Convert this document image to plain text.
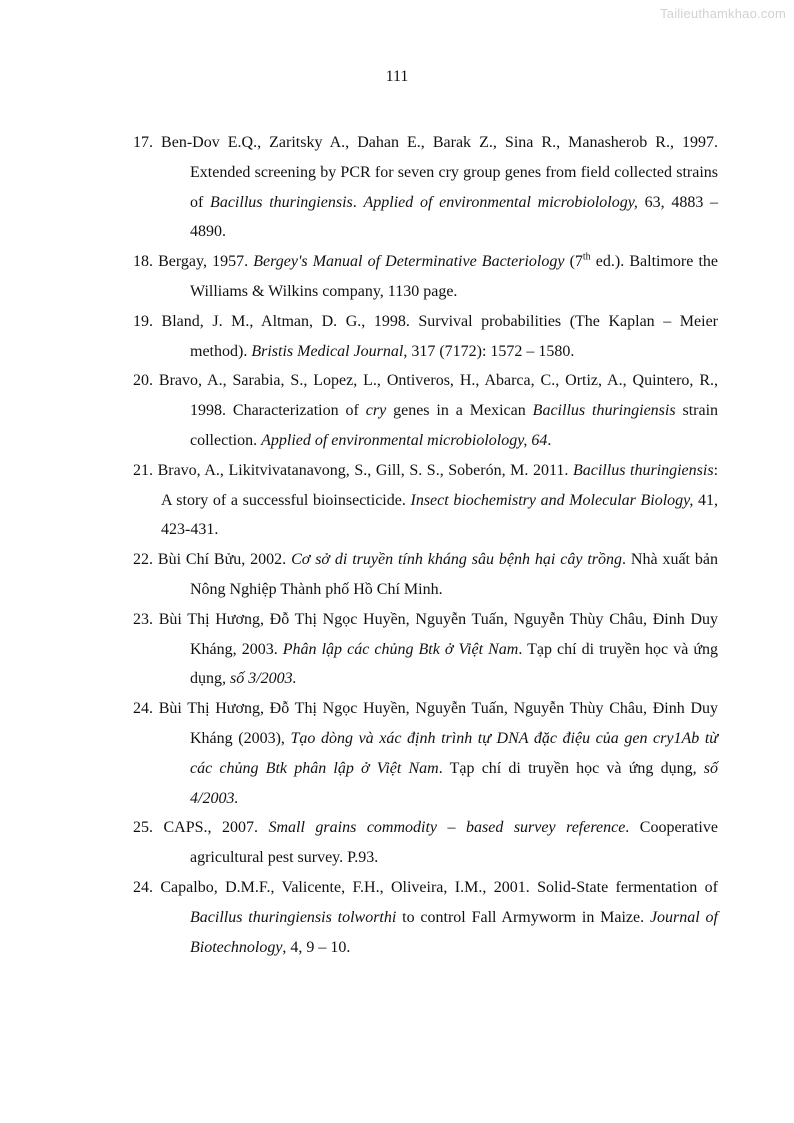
Tailieuthamkhao.com
111

17. Ben-Dov E.Q., Zaritsky A., Dahan E., Barak Z., Sina R., Manasherob R., 1997. Extended screening by PCR for seven cry group genes from field collected strains of Bacillus thuringiensis. Applied of environmental microbiolology, 63, 4883 – 4890.

18. Bergay, 1957. Bergey's Manual of Determinative Bacteriology (7th ed.). Baltimore the Williams & Wilkins company, 1130 page.

19. Bland, J. M., Altman, D. G., 1998. Survival probabilities (The Kaplan – Meier method). Bristis Medical Journal, 317 (7172): 1572 – 1580.

20. Bravo, A., Sarabia, S., Lopez, L., Ontiveros, H., Abarca, C., Ortiz, A., Quintero, R., 1998. Characterization of cry genes in a Mexican Bacillus thuringiensis strain collection. Applied of environmental microbiolology, 64.

21. Bravo, A., Likitvivatanavong, S., Gill, S. S., Soberón, M. 2011. Bacillus thuringiensis: A story of a successful bioinsecticide. Insect biochemistry and Molecular Biology, 41, 423-431.

22. Bùi Chí Bửu, 2002. Cơ sở di truyền tính kháng sâu bệnh hại cây trồng. Nhà xuất bản Nông Nghiệp Thành phố Hồ Chí Minh.

23. Bùi Thị Hương, Đỗ Thị Ngọc Huyền, Nguyễn Tuấn, Nguyễn Thùy Châu, Đinh Duy Kháng, 2003. Phân lập các chủng Btk ở Việt Nam. Tạp chí di truyền học và ứng dụng, số 3/2003.

24. Bùi Thị Hương, Đỗ Thị Ngọc Huyền, Nguyễn Tuấn, Nguyễn Thùy Châu, Đinh Duy Kháng (2003), Tạo dòng và xác định trình tự DNA đặc điệu của gen cry1Ab từ các chủng Btk phân lập ở Việt Nam. Tạp chí di truyền học và ứng dụng, số 4/2003.

25. CAPS., 2007. Small grains commodity – based survey reference. Cooperative agricultural pest survey. P.93.

24. Capalbo, D.M.F., Valicente, F.H., Oliveira, I.M., 2001. Solid-State fermentation of Bacillus thuringiensis tolworthi to control Fall Armyworm in Maize. Journal of Biotechnology, 4, 9 – 10.
